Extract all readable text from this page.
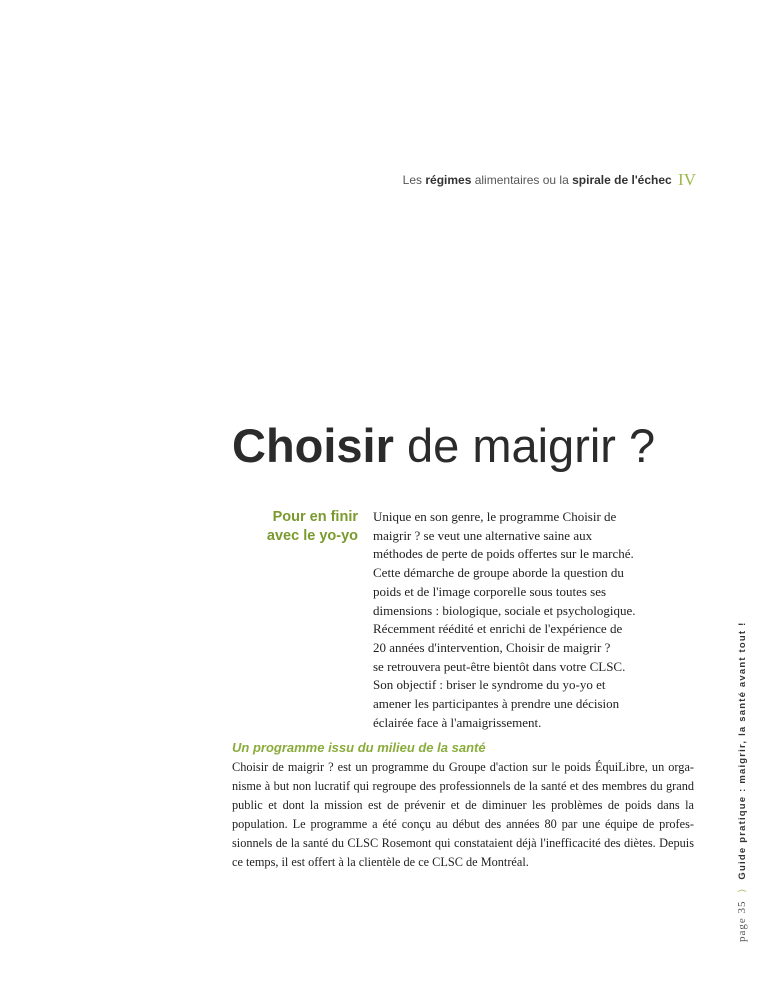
Les régimes alimentaires ou la spirale de l'échec IV
Choisir de maigrir ?
Pour en finir
avec le yo-yo
Unique en son genre, le programme Choisir de
maigrir ? se veut une alternative saine aux
méthodes de perte de poids offertes sur le marché.
Cette démarche de groupe aborde la question du
poids et de l'image corporelle sous toutes ses
dimensions : biologique, sociale et psychologique.
Récemment réédité et enrichi de l'expérience de
20 années d'intervention, Choisir de maigrir ?
se retrouvera peut-être bientôt dans votre CLSC.
Son objectif : briser le syndrome du yo-yo et
amener les participantes à prendre une décision
éclairée face à l'amaigrissement.
Un programme issu du milieu de la santé
Choisir de maigrir ? est un programme du Groupe d'action sur le poids ÉquiLibre, un orga-
nisme à but non lucratif qui regroupe des professionnels de la santé et des membres du grand
public et dont la mission est de prévenir et de diminuer les problèmes de poids dans la
population. Le programme a été conçu au début des années 80 par une équipe de profes-
sionnels de la santé du CLSC Rosemont qui constataient déjà l'inefficacité des diètes. Depuis
ce temps, il est offert à la clientèle de ce CLSC de Montréal.
page 35⟩Guide pratique : maigrir, la santé avant tout !
